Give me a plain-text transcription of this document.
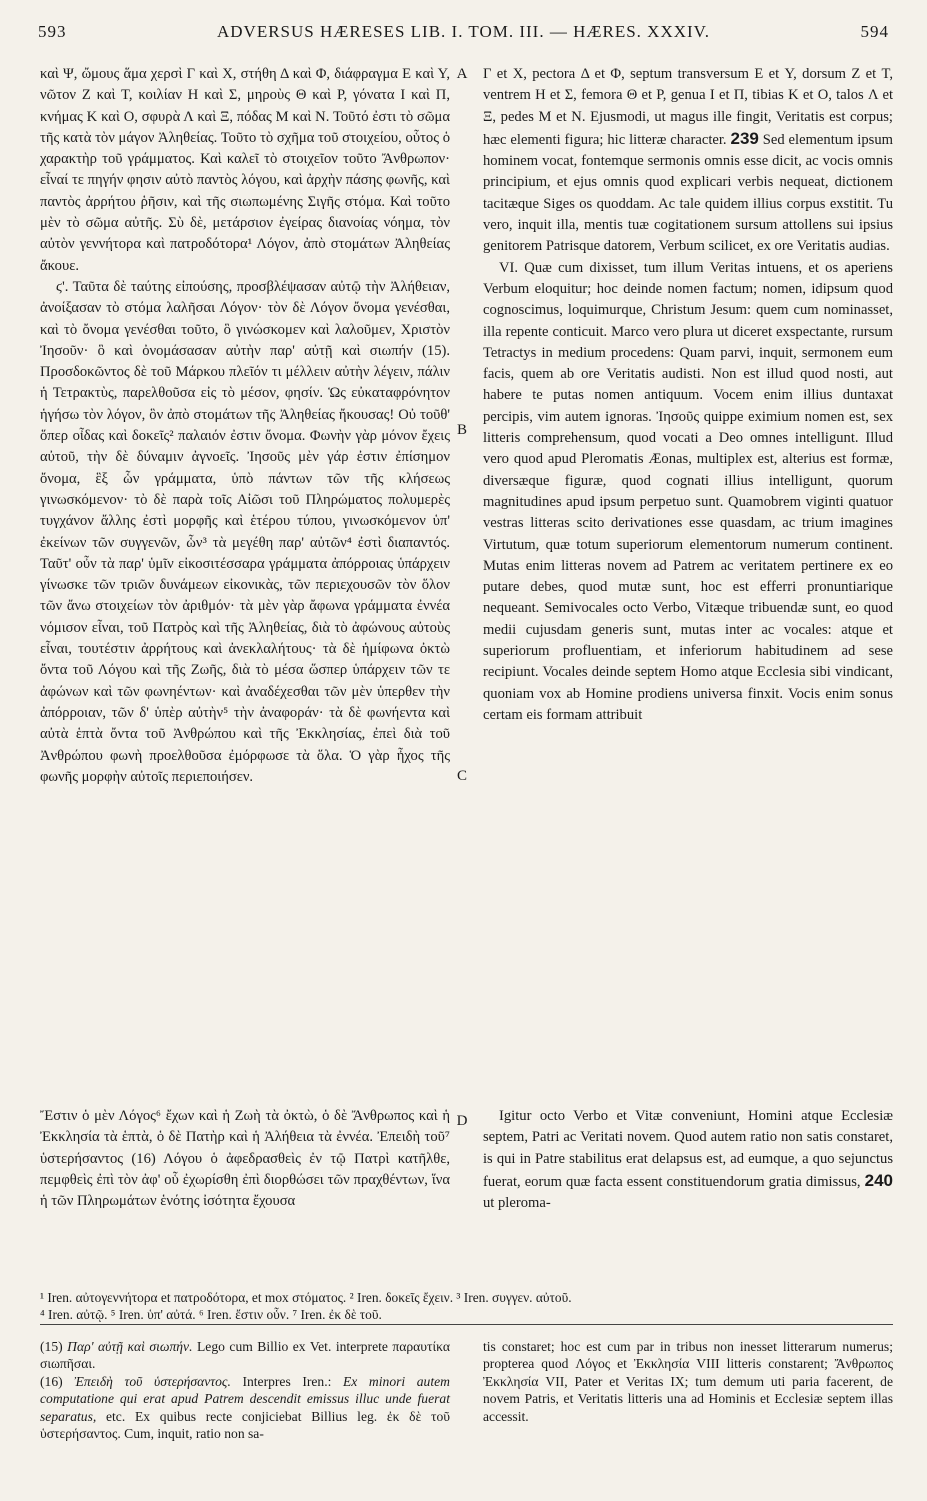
593	ADVERSUS HÆRESES LIB. I. TOM. III. — HÆRES. XXXIV.	594
A
B
C
D

καὶ Ψ, ὤμους ἅμα χερσὶ Γ καὶ Χ, στήθη Δ καὶ Φ, διάφραγμα Ε καὶ Υ, νῶτον Ζ καὶ Τ, κοιλίαν Η καὶ Σ, μηροὺς Θ καὶ Ρ, γόνατα Ι καὶ Π, κνήμας Κ καὶ Ο, σφυρὰ Λ καὶ Ξ, πόδας Μ καὶ Ν. Τοῦτό ἐστι τὸ σῶμα τῆς κατὰ τὸν μάγον Ἀληθείας. Τοῦτο τὸ σχῆμα τοῦ στοιχείου, οὗτος ὁ χαρακτὴρ τοῦ γράμματος. Καὶ καλεῖ τὸ στοιχεῖον τοῦτο Ἄνθρωπον· εἶναί τε πηγήν φησιν αὐτὸ παντὸς λόγου, καὶ ἀρχὴν πάσης φωνῆς, καὶ παντὸς ἀρρήτου ῥῆσιν, καὶ τῆς σιωπωμένης Σιγῆς στόμα. Καὶ τοῦτο μὲν τὸ σῶμα αὐτῆς. Σὺ δὲ, μετάρσιον ἐγείρας διανοίας νόημα, τὸν αὐτὸν γεννήτορα καὶ πατροδότορα¹ Λόγον, ἀπὸ στομάτων Ἀληθείας ἄκουε.

ϛ'. Ταῦτα δὲ ταύτης εἰπούσης, προσβλέψασαν αὐτῷ τὴν Ἀλήθειαν, ἀνοίξασαν τὸ στόμα λαλῆσαι Λόγον· τὸν δὲ Λόγον ὄνομα γενέσθαι, καὶ τὸ ὄνομα γενέσθαι τοῦτο, ὃ γινώσκομεν καὶ λαλοῦμεν, Χριστὸν Ἰησοῦν· ὃ καὶ ὀνομάσασαν αὐτὴν παρ' αὐτῇ καὶ σιωπήν (15). Προσδοκῶντος δὲ τοῦ Μάρκου πλεῖόν τι μέλλειν αὐτὴν λέγειν, πάλιν ἡ Τετρακτὺς, παρελθοῦσα εἰς τὸ μέσον, φησίν. Ὡς εὐκαταφρόνητον ἡγήσω τὸν λόγον, ὃν ἀπὸ στομάτων τῆς Ἀληθείας ἤκουσας! Οὐ τοῦθ' ὅπερ οἶδας καὶ δοκεῖς² παλαιόν ἐστιν ὄνομα. Φωνὴν γὰρ μόνον ἔχεις αὐτοῦ, τὴν δὲ δύναμιν ἀγνοεῖς. Ἰησοῦς μὲν γάρ ἐστιν ἐπίσημον ὄνομα, ἓξ ὧν γράμματα, ὑπὸ πάντων τῶν τῆς κλήσεως γινωσκόμενον· τὸ δὲ παρὰ τοῖς Αἰῶσι τοῦ Πληρώματος πολυμερὲς τυγχάνον ἄλλης ἐστὶ μορφῆς καὶ ἑτέρου τύπου, γινωσκόμενον ὑπ' ἐκείνων τῶν συγγενῶν, ὧν³ τὰ μεγέθη παρ' αὐτῶν⁴ ἐστὶ διαπαντός. Ταῦτ' οὖν τὰ παρ' ὑμῖν εἰκοσιτέσσαρα γράμματα ἀπόρροιας ὑπάρχειν γίνωσκε τῶν τριῶν δυνάμεων εἰκονικὰς, τῶν περιεχουσῶν τὸν ὅλον τῶν ἄνω στοιχείων τὸν ἀριθμόν· τὰ μὲν γὰρ ἄφωνα γράμματα ἐννέα νόμισον εἶναι, τοῦ Πατρὸς καὶ τῆς Ἀληθείας, διὰ τὸ ἀφώνους αὐτοὺς εἶναι, τουτέστιν ἀρρήτους καὶ ἀνεκλαλήτους· τὰ δὲ ἡμίφωνα ὀκτὼ ὄντα τοῦ Λόγου καὶ τῆς Ζωῆς, διὰ τὸ μέσα ὥσπερ ὑπάρχειν τῶν τε ἀφώνων καὶ τῶν φωνηέντων· καὶ ἀναδέχεσθαι τῶν μὲν ὑπερθεν τὴν ἀπόρροιαν, τῶν δ' ὑπὲρ αὐτὴν⁵ τὴν ἀναφοράν· τὰ δὲ φωνήεντα καὶ αὐτὰ ἑπτὰ ὄντα τοῦ Ἀνθρώπου καὶ τῆς Ἐκκλησίας, ἐπεὶ διὰ τοῦ Ἀνθρώπου φωνὴ προελθοῦσα ἐμόρφωσε τὰ ὅλα. Ὁ γὰρ ἦχος τῆς φωνῆς μορφὴν αὐτοῖς περιεποιήσεν.

Ἔστιν ὁ μὲν Λόγος⁶ ἔχων καὶ ἡ Ζωὴ τὰ ὀκτὼ, ὁ δὲ Ἄνθρωπος καὶ ἡ Ἐκκλησία τὰ ἑπτὰ, ὁ δὲ Πατὴρ καὶ ἡ Ἀλήθεια τὰ ἐννέα. Ἐπειδὴ τοῦ⁷ ὑστερήσαντος (16) Λόγου ὁ ἀφεδρασθεὶς ἐν τῷ Πατρὶ κατῆλθε, πεμφθεὶς ἐπὶ τὸν ἀφ' οὗ ἐχωρίσθη ἐπὶ διορθώσει τῶν πραχθέντων, ἵνα ἡ τῶν Πληρωμάτων ἑνότης ἰσότητα ἔχουσα

Γ et Χ, pectora Δ et Φ, septum transversum Ε et Υ, dorsum Ζ et Τ, ventrem Η et Σ, femora Θ et Ρ, genua Ι et Π, tibias Κ et Ο, talos Λ et Ξ, pedes Μ et Ν. Ejusmodi, ut magus ille fingit, Veritatis est corpus; hæc elementi figura; hic litteræ character. 239 Sed elementum ipsum hominem vocat, fontemque sermonis omnis esse dicit, ac vocis omnis principium, et ejus omnis quod explicari verbis nequeat, dictionem tacitæque Siges os quoddam. Ac tale quidem illius corpus exstitit. Tu vero, inquit illa, mentis tuæ cogitationem sursum attollens sui ipsius genitorem Patrisque datorem, Verbum scilicet, ex ore Veritatis audias.

VI. Quæ cum dixisset, tum illum Veritas intuens, et os aperiens Verbum eloquitur; hoc deinde nomen factum; nomen, idipsum quod cognoscimus, loquimurque, Christum Jesum: quem cum nominasset, illa repente conticuit. Marco vero plura ut diceret exspectante, rursum Tetractys in medium procedens: Quam parvi, inquit, sermonem eum facis, quem ab ore Veritatis audisti. Non est illud quod nosti, aut habere te putas nomen antiquum. Vocem enim illius duntaxat percipis, vim autem ignoras. Ἰησοῦς quippe eximium nomen est, sex litteris comprehensum, quod vocati a Deo omnes intelligunt. Illud vero quod apud Pleromatis Æonas, multiplex est, alterius est formæ, diversæque figuræ, quod cognati illius intelligunt, quorum magnitudines apud ipsum perpetuo sunt. Quamobrem viginti quatuor vestras litteras scito derivationes esse quasdam, ac trium imagines Virtutum, quæ totum superiorum elementorum numerum continent. Mutas enim litteras novem ad Patrem ac veritatem pertinere ex eo putare debes, quod mutæ sunt, hoc est efferri pronuntiarique nequeant. Semivocales octo Verbo, Vitæque tribuendæ sunt, eo quod medii cujusdam generis sunt, mutas inter ac vocales: atque et superiorum profluentiam, et inferiorum habitudinem ad sese recipiunt. Vocales deinde septem Homo atque Ecclesia sibi vindicant, quoniam vox ab Homine prodiens universa finxit. Vocis enim sonus certam eis formam attribuit

Igitur octo Verbo et Vitæ conveniunt, Homini atque Ecclesiæ septem, Patri ac Veritati novem. Quod autem ratio non satis constaret, is qui in Patre stabilitus erat delapsus est, ad eumque, a quo sejunctus fuerat, eorum quæ facta essent constituendorum gratia dimissus, 240 ut pleroma-

¹ Iren. αὐτογεννήτορα et πατροδότορα, et mox στόματος. ² Iren. δοκεῖς ἔχειν. ³ Iren. συγγεν. αὐτοῦ.
⁴ Iren. αὐτῷ. ⁵ Iren. ὑπ' αὐτά. ⁶ Iren. ἔστιν οὖν. ⁷ Iren. ἐκ δὲ τοῦ.

(15) Παρ' αὐτῇ καὶ σιωπήν. Lego cum Billio ex Vet. interprete παραυτίκα σιωπῆσαι.

(16) Ἐπειδὴ τοῦ ὑστερήσαντος. Interpres Iren.: Ex minori autem computatione qui erat apud Patrem descendit emissus illuc unde fuerat separatus, etc. Ex quibus recte conjiciebat Billius leg. ἐκ δὲ τοῦ ὑστερήσαντος. Cum, inquit, ratio non sa-

tis constaret; hoc est cum par in tribus non inesset litterarum numerus; propterea quod Λόγος et Ἐκκλησία VIII litteris constarent; Ἄνθρωπος Ἐκκλησία VII, Pater et Veritas IX; tum demum uti paria facerent, de novem Patris, et Veritatis litteris una ad Hominis et Ecclesiæ septem illas accessit.
